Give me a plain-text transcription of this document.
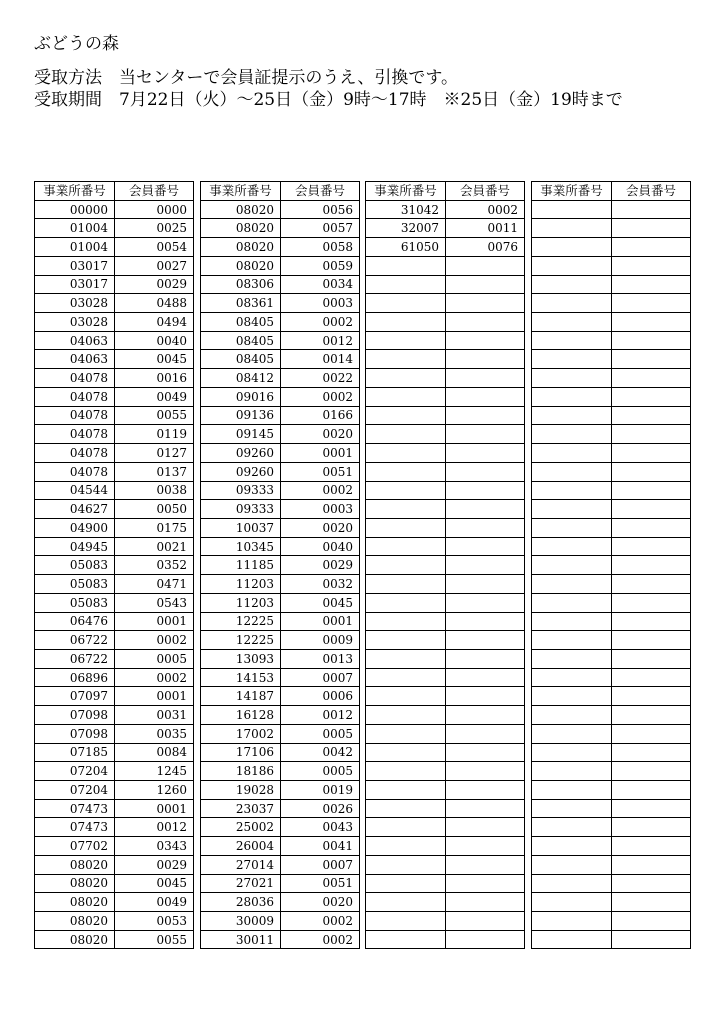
ぶどうの森

受取方法　当センターで会員証提示のうえ、引換です。

受取期間　7月22日（火）～25日（金）9時～17時　※25日（金）19時まで

事業所番号	会員番号
00000	0000
01004	0025
01004	0054
03017	0027
03017	0029
03028	0488
03028	0494
04063	0040
04063	0045
04078	0016
04078	0049
04078	0055
04078	0119
04078	0127
04078	0137
04544	0038
04627	0050
04900	0175
04945	0021
05083	0352
05083	0471
05083	0543
06476	0001
06722	0002
06722	0005
06896	0002
07097	0001
07098	0031
07098	0035
07185	0084
07204	1245
07204	1260
07473	0001
07473	0012
07702	0343
08020	0029
08020	0045
08020	0049
08020	0053
08020	0055
事業所番号	会員番号
08020	0056
08020	0057
08020	0058
08020	0059
08306	0034
08361	0003
08405	0002
08405	0012
08405	0014
08412	0022
09016	0002
09136	0166
09145	0020
09260	0001
09260	0051
09333	0002
09333	0003
10037	0020
10345	0040
11185	0029
11203	0032
11203	0045
12225	0001
12225	0009
13093	0013
14153	0007
14187	0006
16128	0012
17002	0005
17106	0042
18186	0005
19028	0019
23037	0026
25002	0043
26004	0041
27014	0007
27021	0051
28036	0020
30009	0002
30011	0002
事業所番号	会員番号
31042	0002
32007	0011
61050	0076

事業所番号	会員番号
